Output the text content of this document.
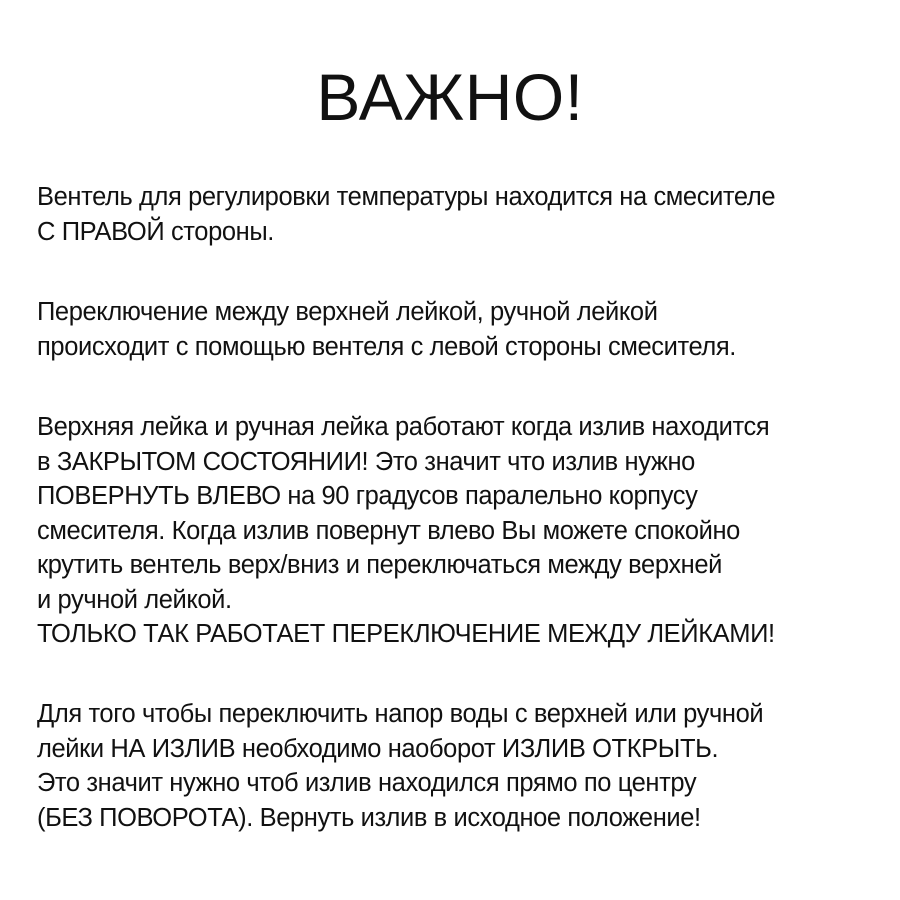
ВАЖНО!
Вентель для регулировки температуры находится на смесителе
С ПРАВОЙ стороны.
Переключение между верхней лейкой, ручной лейкой
происходит с помощью вентеля с левой стороны смесителя.
Верхняя лейка и ручная лейка работают когда излив находится
в ЗАКРЫТОМ СОСТОЯНИИ! Это значит что излив нужно
ПОВЕРНУТЬ ВЛЕВО на 90 градусов паралельно корпусу
смесителя. Когда излив повернут влево Вы можете спокойно
крутить вентель верх/вниз и переключаться между верхней
и ручной лейкой.
ТОЛЬКО ТАК РАБОТАЕТ ПЕРЕКЛЮЧЕНИЕ МЕЖДУ ЛЕЙКАМИ!
Для того чтобы переключить напор воды с верхней или ручной
лейки НА ИЗЛИВ необходимо наоборот ИЗЛИВ ОТКРЫТЬ.
Это значит нужно чтоб излив находился прямо по центру
(БЕЗ ПОВОРОТА). Вернуть излив в исходное положение!
